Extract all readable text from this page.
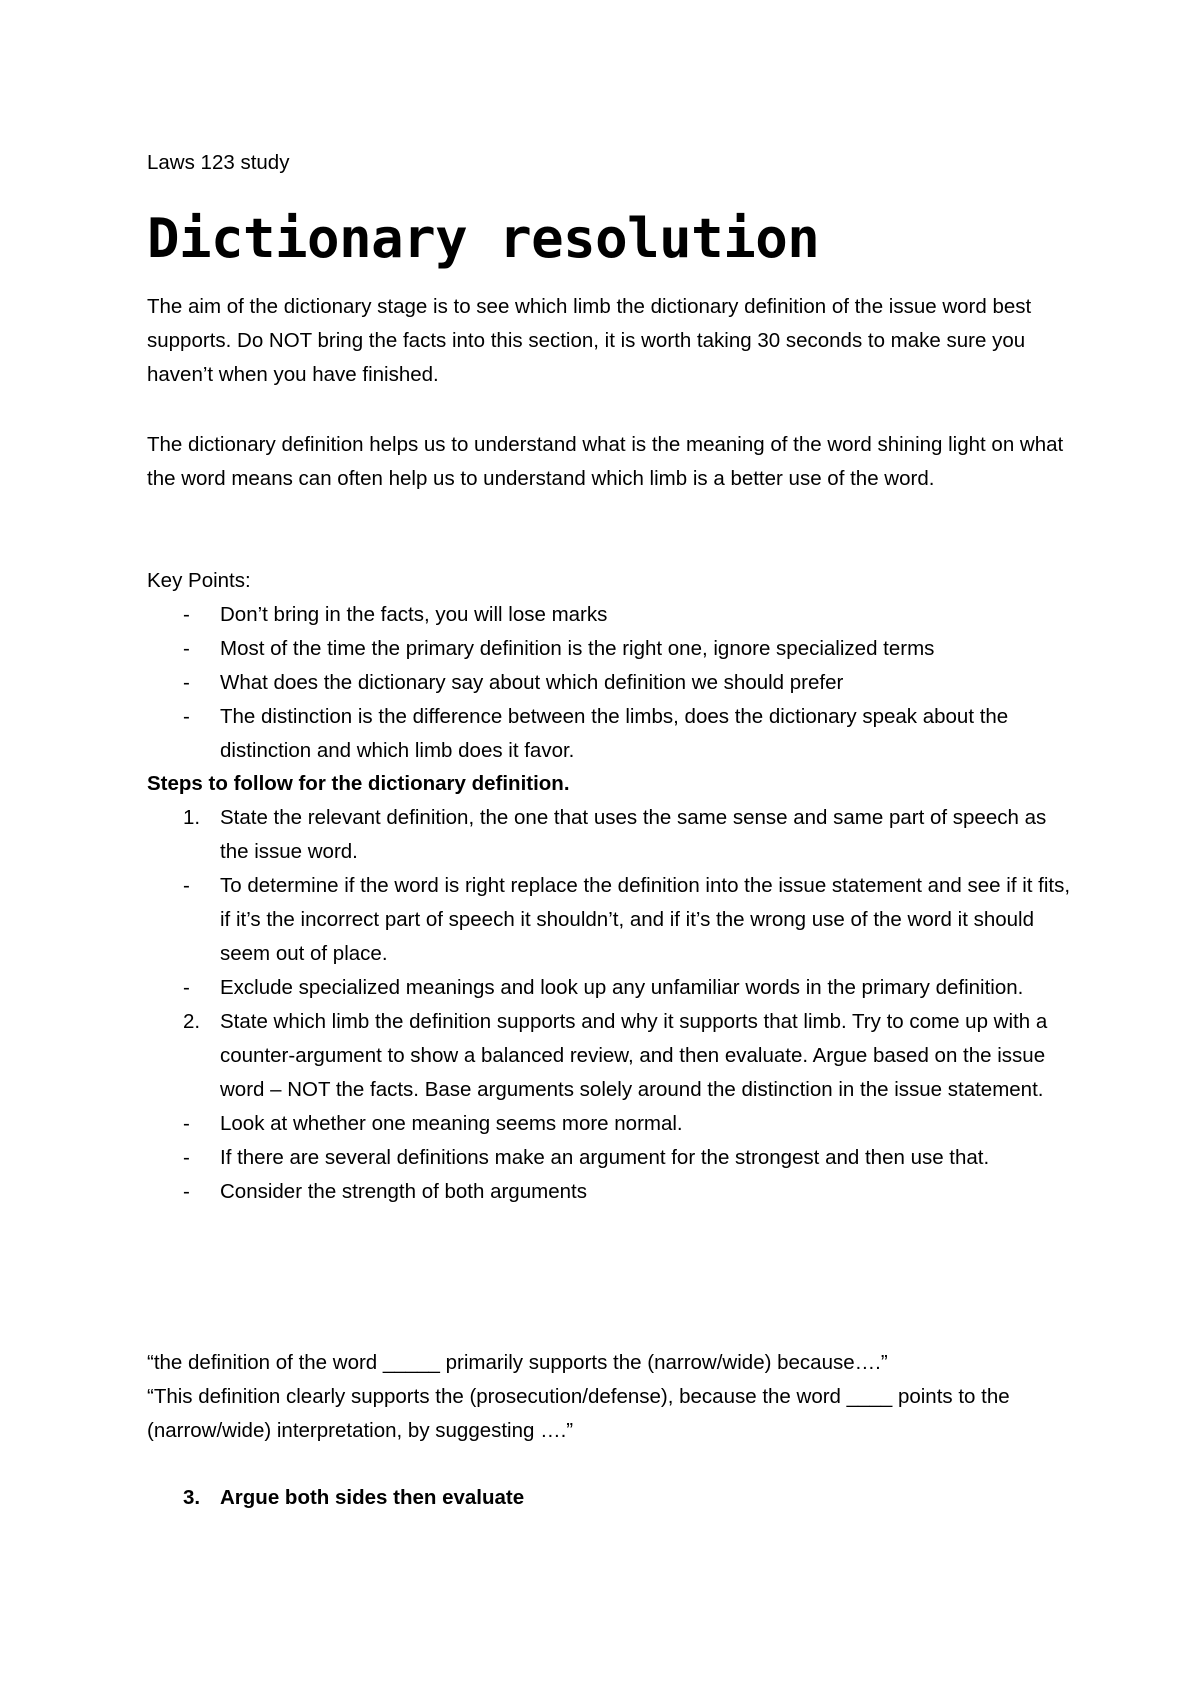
Laws 123 study
Dictionary resolution

The aim of the dictionary stage is to see which limb the dictionary definition of the issue word best supports. Do NOT bring the facts into this section, it is worth taking 30 seconds to make sure you haven’t when you have finished.

The dictionary definition helps us to understand what is the meaning of the word shining light on what the word means can often help us to understand which limb is a better use of the word.

Key Points:
- Don’t bring in the facts, you will lose marks
- Most of the time the primary definition is the right one, ignore specialized terms
- What does the dictionary say about which definition we should prefer
- The distinction is the difference between the limbs, does the dictionary speak about the distinction and which limb does it favor.
Steps to follow for the dictionary definition.
1. State the relevant definition, the one that uses the same sense and same part of speech as the issue word.
- To determine if the word is right replace the definition into the issue statement and see if it fits, if it’s the incorrect part of speech it shouldn’t, and if it’s the wrong use of the word it should seem out of place.
- Exclude specialized meanings and look up any unfamiliar words in the primary definition.
2. State which limb the definition supports and why it supports that limb. Try to come up with a counter-argument to show a balanced review, and then evaluate. Argue based on the issue word – NOT the facts. Base arguments solely around the distinction in the issue statement.
- Look at whether one meaning seems more normal.
- If there are several definitions make an argument for the strongest and then use that.
- Consider the strength of both arguments

“the definition of the word _____ primarily supports the (narrow/wide) because….”

“This definition clearly supports the (prosecution/defense), because the word ____ points to the (narrow/wide) interpretation, by suggesting ….”

3. Argue both sides then evaluate
